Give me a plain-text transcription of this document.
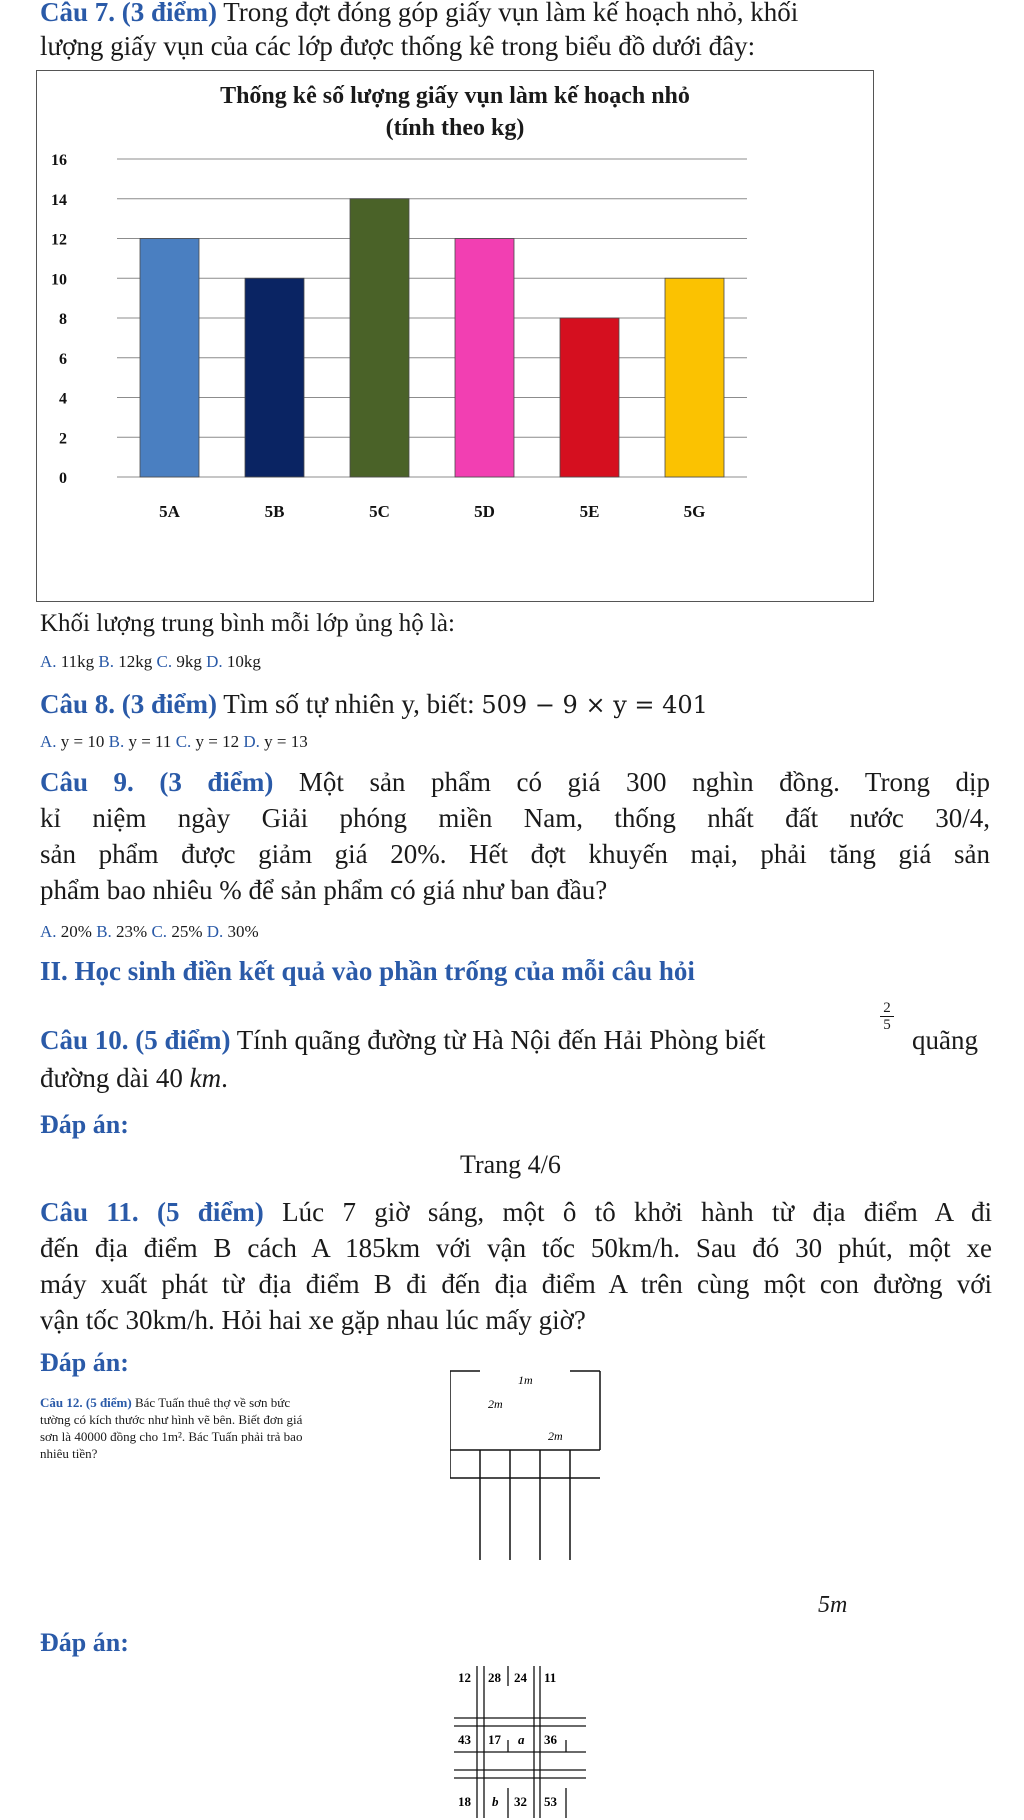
Câu 7. (3 điểm) Trong đợt đóng góp giấy vụn làm kế hoạch nhỏ, khối
lượng giấy vụn của các lớp được thống kê trong biểu đồ dưới đây:
Thống kê số lượng giấy vụn làm kế hoạch nhỏ
(tính theo kg)
0
2
4
6
8
10
12
14
16
5A	5B	5C	5D	5E	5G
Khối lượng trung bình mỗi lớp ủng hộ là:
A. 11kg B. 12kg C. 9kg D. 10kg
Câu 8. (3 điểm) Tìm số tự nhiên y, biết: 509 − 9 × y = 401
A. y = 10 B. y = 11 C. y = 12 D. y = 13
Câu 9. (3 điểm) Một sản phẩm có giá 300 nghìn đồng. Trong dịp
kỉ niệm ngày Giải phóng miền Nam, thống nhất đất nước 30/4,
sản phẩm được giảm giá 20%. Hết đợt khuyến mại, phải tăng giá sản
phẩm bao nhiêu % để sản phẩm có giá như ban đầu?
A. 20% B. 23% C. 25% D. 30%
II. Học sinh điền kết quả vào phần trống của mỗi câu hỏi
Câu 10. (5 điểm) Tính quãng đường từ Hà Nội đến Hải Phòng biết
$\frac{2}{5}$
quãng
đường dài 40 km.
Đáp án:
Trang 4/6
Câu 11. (5 điểm) Lúc 7 giờ sáng, một ô tô khởi hành từ địa điểm A đi
đến địa điểm B cách A 185km với vận tốc 50km/h. Sau đó 30 phút, một xe
máy xuất phát từ địa điểm B đi đến địa điểm A trên cùng một con đường với
vận tốc 30km/h. Hỏi hai xe gặp nhau lúc mấy giờ?
Đáp án:
Câu 12. (5 điểm) Bác Tuấn thuê thợ về sơn bức
tường có kích thước như hình vẽ bên. Biết đơn giá
sơn là 40000 đồng cho 1m². Bác Tuấn phải trả bao
nhiêu tiền?
1m
2m
2m
5m
Đáp án:
12 28 24 11
43 17 a 36
18 b 32 53
